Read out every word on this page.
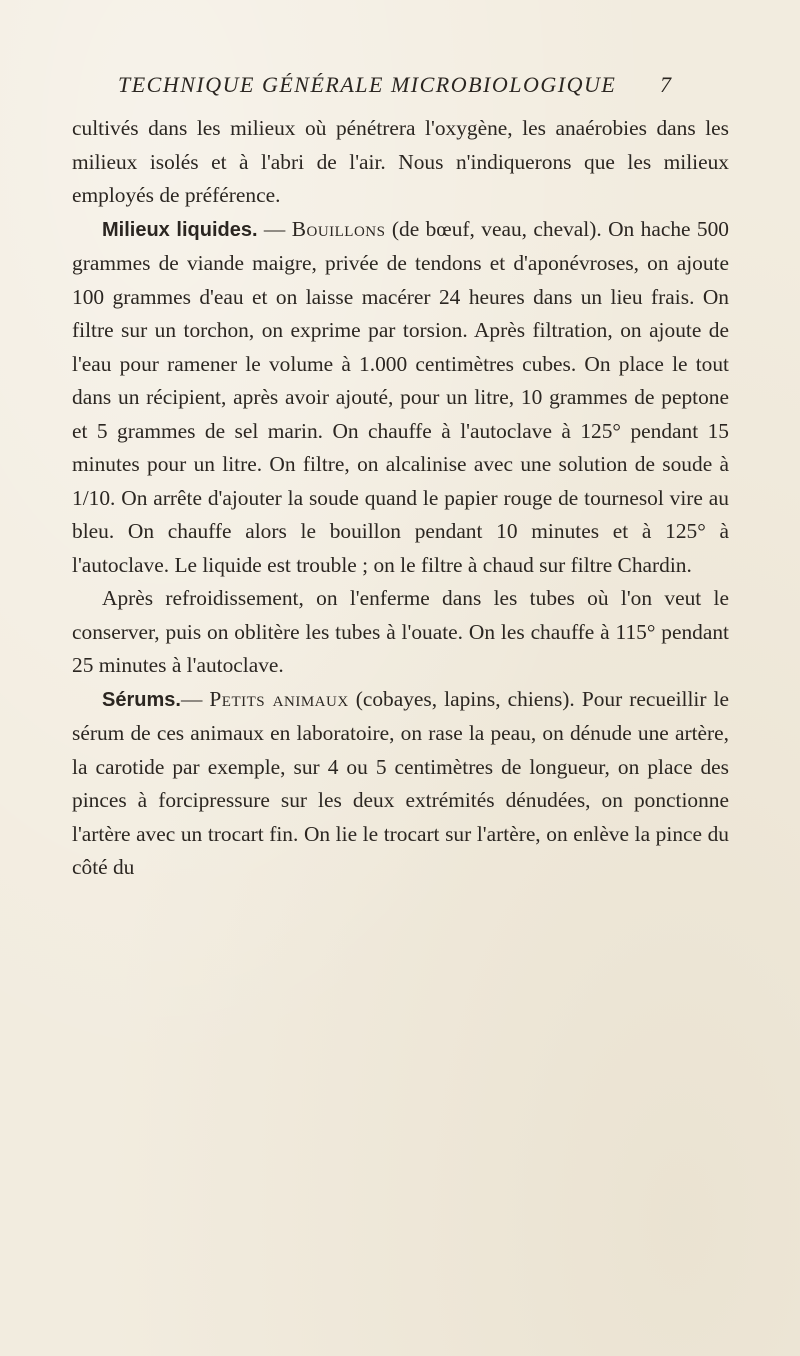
TECHNIQUE GÉNÉRALE MICROBIOLOGIQUE	7

cultivés dans les milieux où pénétrera l'oxygène, les anaérobies dans les milieux isolés et à l'abri de l'air. Nous n'indiquerons que les milieux employés de préférence.

Milieux liquides. — Bouillons (de bœuf, veau, cheval). On hache 500 grammes de viande maigre, privée de tendons et d'aponévroses, on ajoute 100 grammes d'eau et on laisse macérer 24 heures dans un lieu frais. On filtre sur un torchon, on exprime par torsion. Après filtration, on ajoute de l'eau pour ramener le volume à 1.000 centimètres cubes. On place le tout dans un récipient, après avoir ajouté, pour un litre, 10 grammes de peptone et 5 grammes de sel marin. On chauffe à l'autoclave à 125° pendant 15 minutes pour un litre. On filtre, on alcalinise avec une solution de soude à 1/10. On arrête d'ajouter la soude quand le papier rouge de tournesol vire au bleu. On chauffe alors le bouillon pendant 10 minutes et à 125° à l'autoclave. Le liquide est trouble ; on le filtre à chaud sur filtre Chardin.

Après refroidissement, on l'enferme dans les tubes où l'on veut le conserver, puis on oblitère les tubes à l'ouate. On les chauffe à 115° pendant 25 minutes à l'autoclave.

Sérums.— Petits animaux (cobayes, lapins, chiens). Pour recueillir le sérum de ces animaux en laboratoire, on rase la peau, on dénude une artère, la carotide par exemple, sur 4 ou 5 centimètres de longueur, on place des pinces à forcipressure sur les deux extrémités dénudées, on ponctionne l'artère avec un trocart fin. On lie le trocart sur l'artère, on enlève la pince du côté du
